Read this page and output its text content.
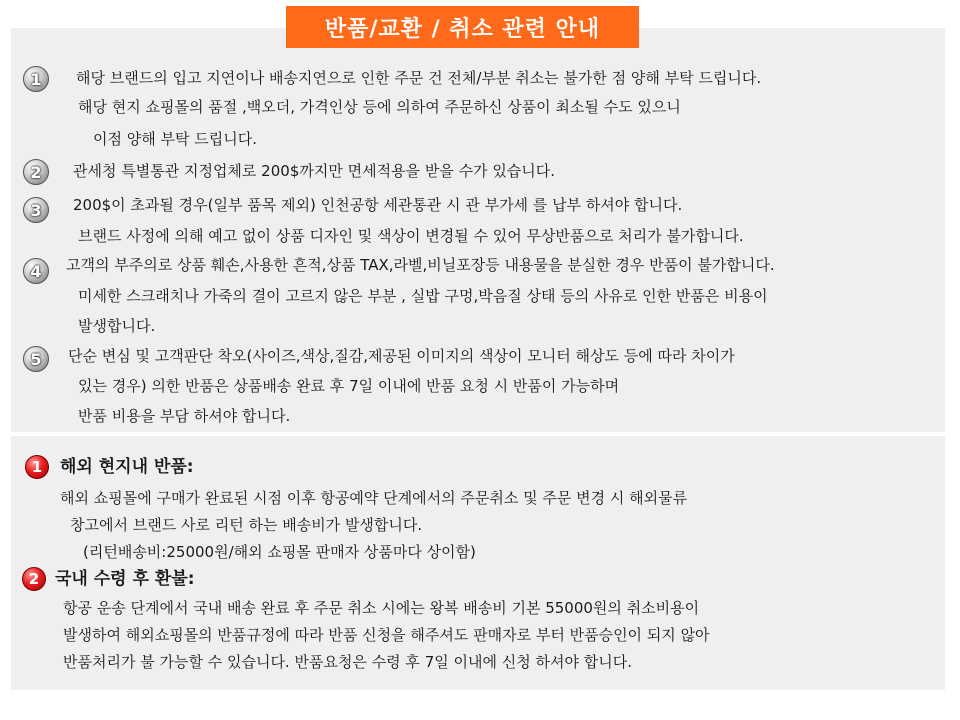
반품/교환 / 취소 관련 안내
1	해당 브랜드의 입고 지연이나 배송지연으로 인한 주문 건 전체/부분 취소는 불가한 점 양해 부탁 드립니다.
해당 현지 쇼핑몰의 품절 ,백오더, 가격인상 등에 의하여 주문하신 상품이 최소될 수도 있으니
이점 양해 부탁 드립니다.
2	관세청 특별통관 지정업체로 200$까지만 면세적용을 받을 수가 있습니다.
3	200$이 초과될 경우(일부 품목 제외) 인천공항 세관통관 시 관 부가세 를 납부 하셔야 합니다.
브랜드 사정에 의해 예고 없이 상품 디자인 및 색상이 변경될 수 있어 무상반품으로 처리가 불가합니다.
4	고객의 부주의로 상품 훼손,사용한 흔적,상품 TAX,라벨,비닐포장등 내용물을 분실한 경우 반품이 불가합니다.
미세한 스크래치나 가죽의 결이 고르지 않은 부분 , 실밥 구멍,박음질 상태 등의 사유로 인한 반품은 비용이
발생합니다.
5	단순 변심 및 고객판단 착오(사이즈,색상,질감,제공된 이미지의 색상이 모니터 해상도 등에 따라 차이가
있는 경우) 의한 반품은 상품배송 완료 후 7일 이내에 반품 요청 시 반품이 가능하며
반품 비용을 부담 하셔야 합니다.
1	해외 현지내 반품:
해외 쇼핑몰에 구매가 완료된 시점 이후 항공예약 단계에서의 주문취소 및 주문 변경 시 해외물류
창고에서 브랜드 사로 리턴 하는 배송비가 발생합니다.
(리턴배송비:25000원/해외 쇼핑몰 판매자 상품마다 상이함)
2 국내 수령 후 환불:
항공 운송 단계에서 국내 배송 완료 후 주문 취소 시에는 왕복 배송비 기본 55000원의 취소비용이
발생하여 해외쇼핑몰의 반품규정에 따라 반품 신청을 해주셔도 판매자로 부터 반품승인이 되지 않아
반품처리가 불 가능할 수 있습니다. 반품요청은 수령 후 7일 이내에 신청 하셔야 합니다.
